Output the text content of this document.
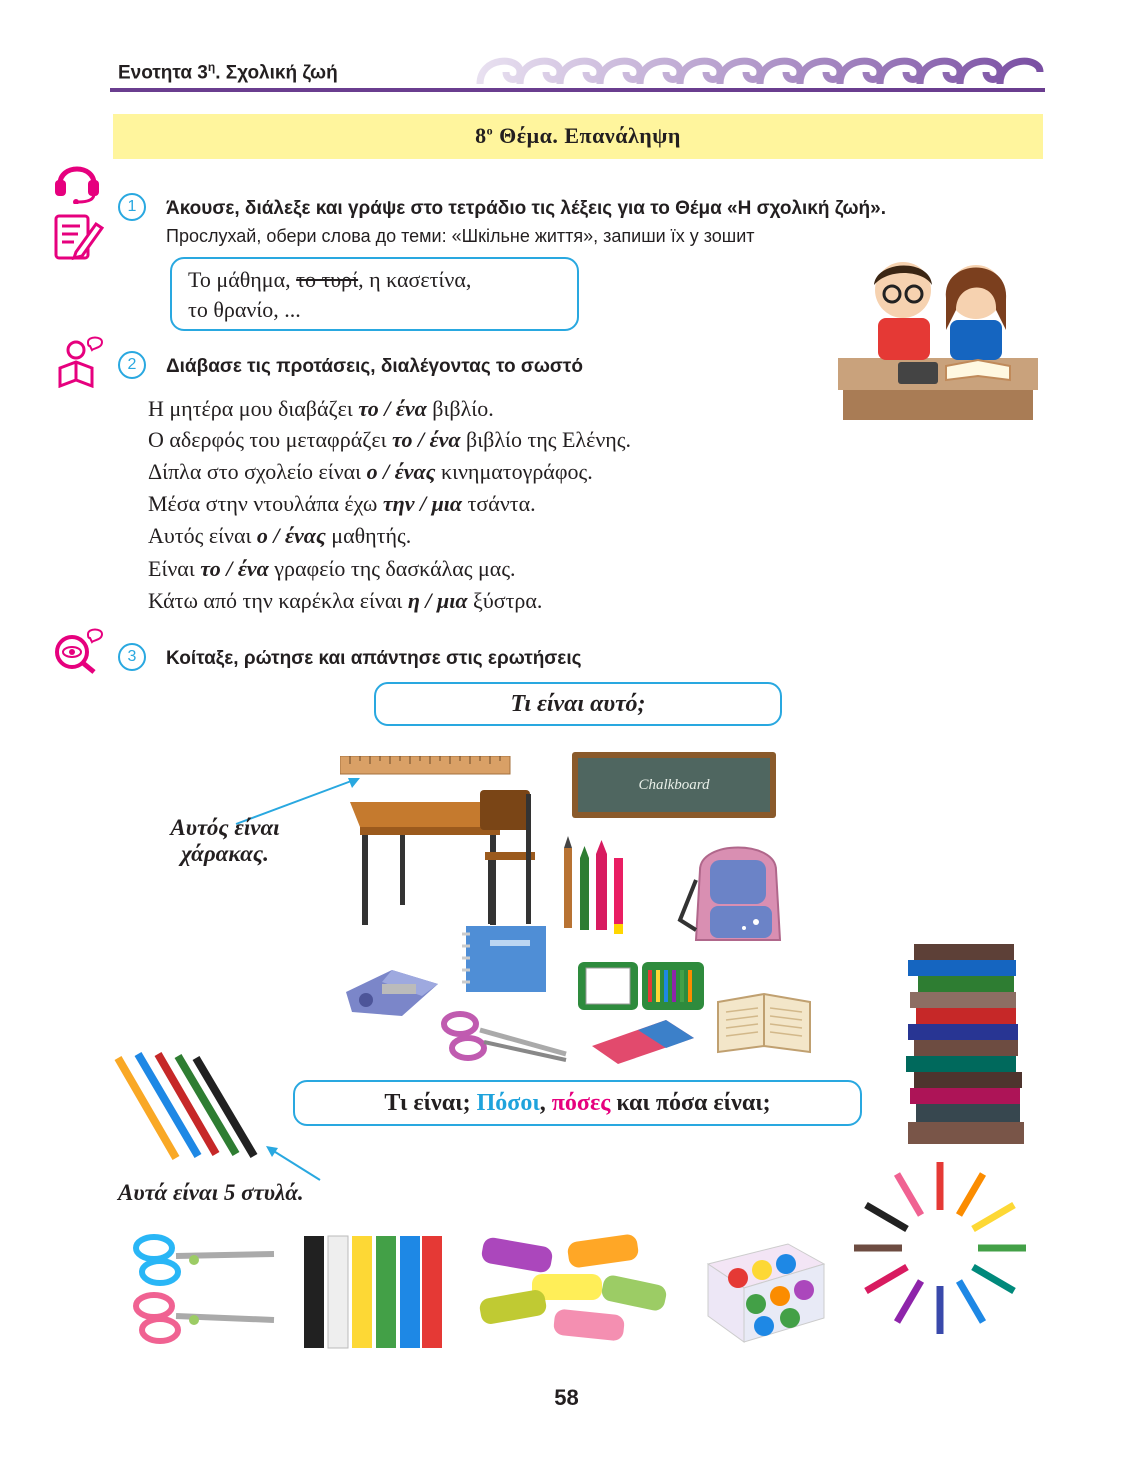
Ενοτητα $3^\eta$. Σχολική ζωή
$8^o$ Θέμα. Επανάληψη
1	Άκουσε, διάλεξε και γράψε στο τετράδιο τις λέξεις για το Θέμα «Η σχολική ζωή».
Прослухай, обери слова до теми: «Шкільне життя», запиши їх у зошит
Το μάθημα, το τυρί, η κασετίνα,
το θρανίο, ...
2	Διάβασε τις προτάσεις, διαλέγοντας το σωστό
Η μητέρα μου διαβάζει το / ένα βιβλίο.
Ο αδερφός του μεταφράζει το / ένα βιβλίο της Ελένης.
Δίπλα στο σχολείο είναι ο / ένας κινηματογράφος.
Μέσα στην ντουλάπα έχω την / μια τσάντα.
Αυτός είναι ο / ένας μαθητής.
Είναι το / ένα γραφείο της δασκάλας μας.
Κάτω από την καρέκλα είναι η / μια ξύστρα.
3	Κοίταξε, ρώτησε και απάντησε στις ερωτήσεις
Τι είναι αυτό;
Αυτός είναι
χάρακας.
Chalkboard
Τι είναι; Πόσοι, πόσες και πόσα είναι;
Αυτά είναι 5 στυλά.
58
